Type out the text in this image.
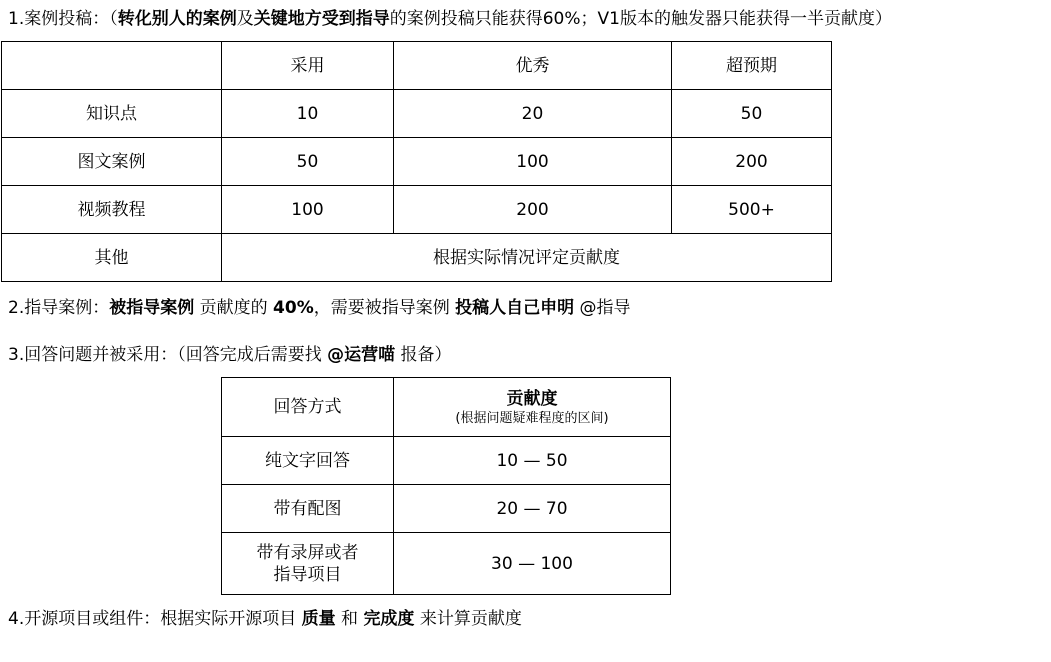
1.案例投稿：（转化别人的案例及关键地方受到指导的案例投稿只能获得60%；V1版本的触发器只能获得一半贡献度）
	采用	优秀	超预期
知识点	10	20	50
图文案例	50	100	200
视频教程	100	200	500+
其他	根据实际情况评定贡献度		
2.指导案例：被指导案例 贡献度的 40%，需要被指导案例 投稿人自己申明 @指导
3.回答问题并被采用：（回答完成后需要找 @运营喵 报备）
回答方式	贡献度
(根据问题疑难程度的区间)

纯文字回答	10 — 50
带有配图	20 — 70

带有录屏或者
指导项目	30 — 100
4.开源项目或组件：根据实际开源项目 质量 和 完成度 来计算贡献度
